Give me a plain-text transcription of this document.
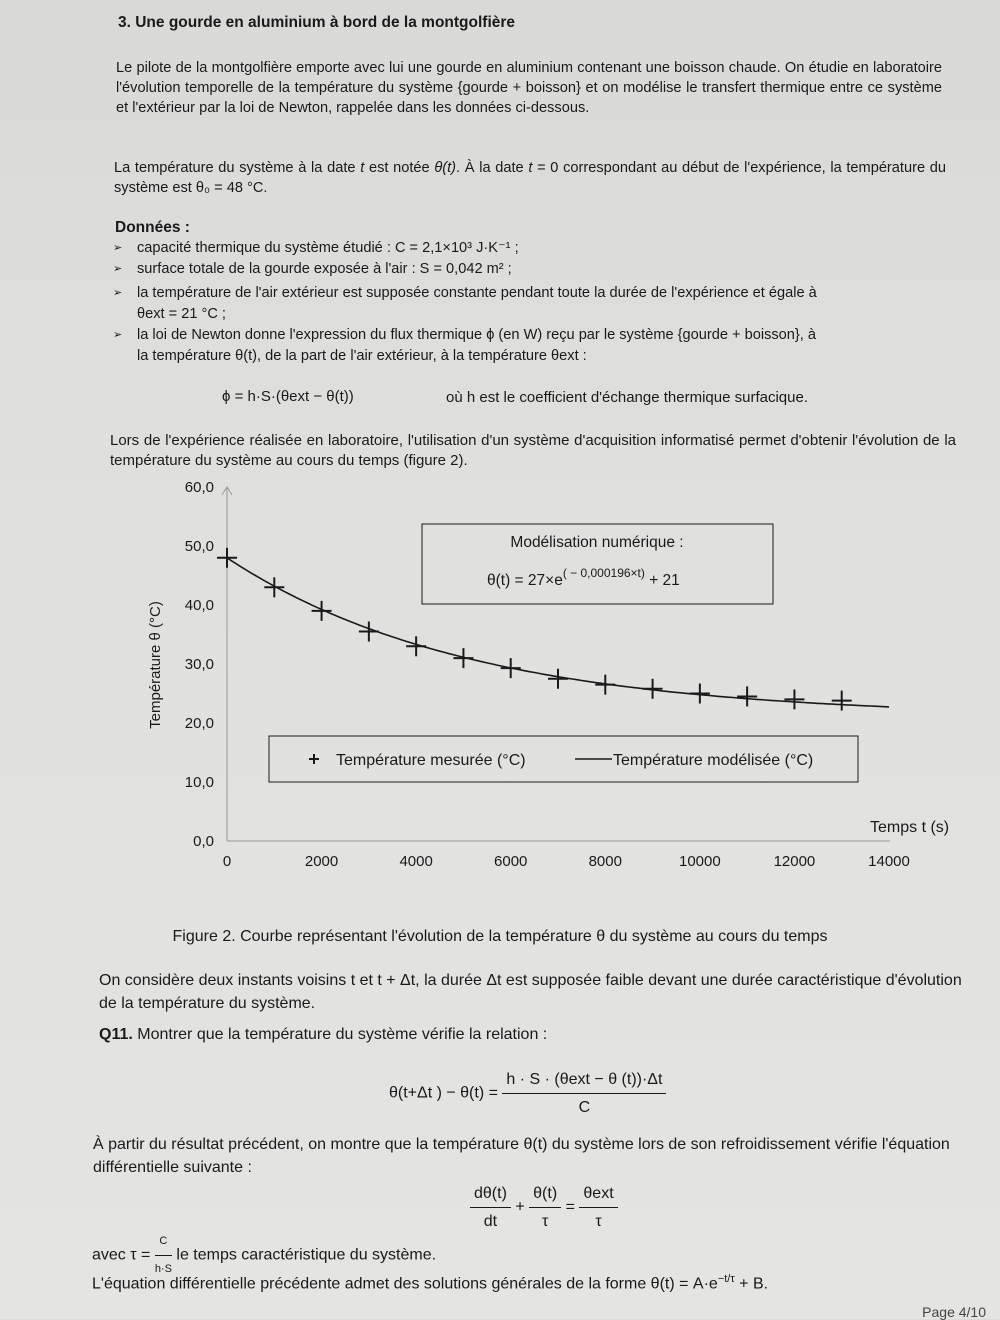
3. Une gourde en aluminium à bord de la montgolfière

Le pilote de la montgolfière emporte avec lui une gourde en aluminium contenant une boisson chaude. On étudie en laboratoire l'évolution temporelle de la température du système {gourde + boisson} et on modélise le transfert thermique entre ce système et l'extérieur par la loi de Newton, rappelée dans les données ci-dessous.

La température du système à la date t est notée θ(t). À la date t = 0 correspondant au début de l'expérience, la température du système est θ₀ = 48 °C.

Données :

➢ capacité thermique du système étudié : C = 2,1×10³ J·K⁻¹ ;
➢ surface totale de la gourde exposée à l'air : S = 0,042 m² ;
➢ la température de l'air extérieur est supposée constante pendant toute la durée de l'expérience et égale à
θext = 21 °C ;
➢ la loi de Newton donne l'expression du flux thermique ϕ (en W) reçu par le système {gourde + boisson}, à
la température θ(t), de la part de l'air extérieur, à la température θext :

ϕ = h·S·(θext − θ(t))	où h est le coefficient d'échange thermique surfacique.

Lors de l'expérience réalisée en laboratoire, l'utilisation d'un système d'acquisition informatisé permet d'obtenir l'évolution de la température du système au cours du temps (figure 2).

0,0
10,0
20,0
30,0
40,0
50,0
60,0
0	2000	4000	6000	8000	10000	12000	14000
Température θ (°C)
Temps t (s)
Modélisation numérique :
$\theta(t) = 27\times e^{( - 0,000196\times t)} + 21$
Température mesurée (°C)	Température modélisée (°C)

Figure 2. Courbe représentant l'évolution de la température θ du système au cours du temps

On considère deux instants voisins t et t + Δt, la durée Δt est supposée faible devant une durée caractéristique d'évolution de la température du système.

Q11. Montrer que la température du système vérifie la relation :

θ(t+Δt ) − $\theta(t) = \frac{\text{h · S · (θext − θ (t))·Δt}}{C}$

À partir du résultat précédent, on montre que la température θ(t) du système lors de son refroidissement vérifie l'équation différentielle suivante :

$\frac{d\theta(t)}{dt} + \frac{\theta(t)}{\tau} = \frac{\text{θext}}{\tau}$
avec $\tau = \frac{C}{h\cdot S}$ le temps caractéristique du système.

L'équation différentielle précédente admet des solutions générales de la forme $\theta(t) = A\cdot e^{-t/\tau} + B$.

Page 4/10
